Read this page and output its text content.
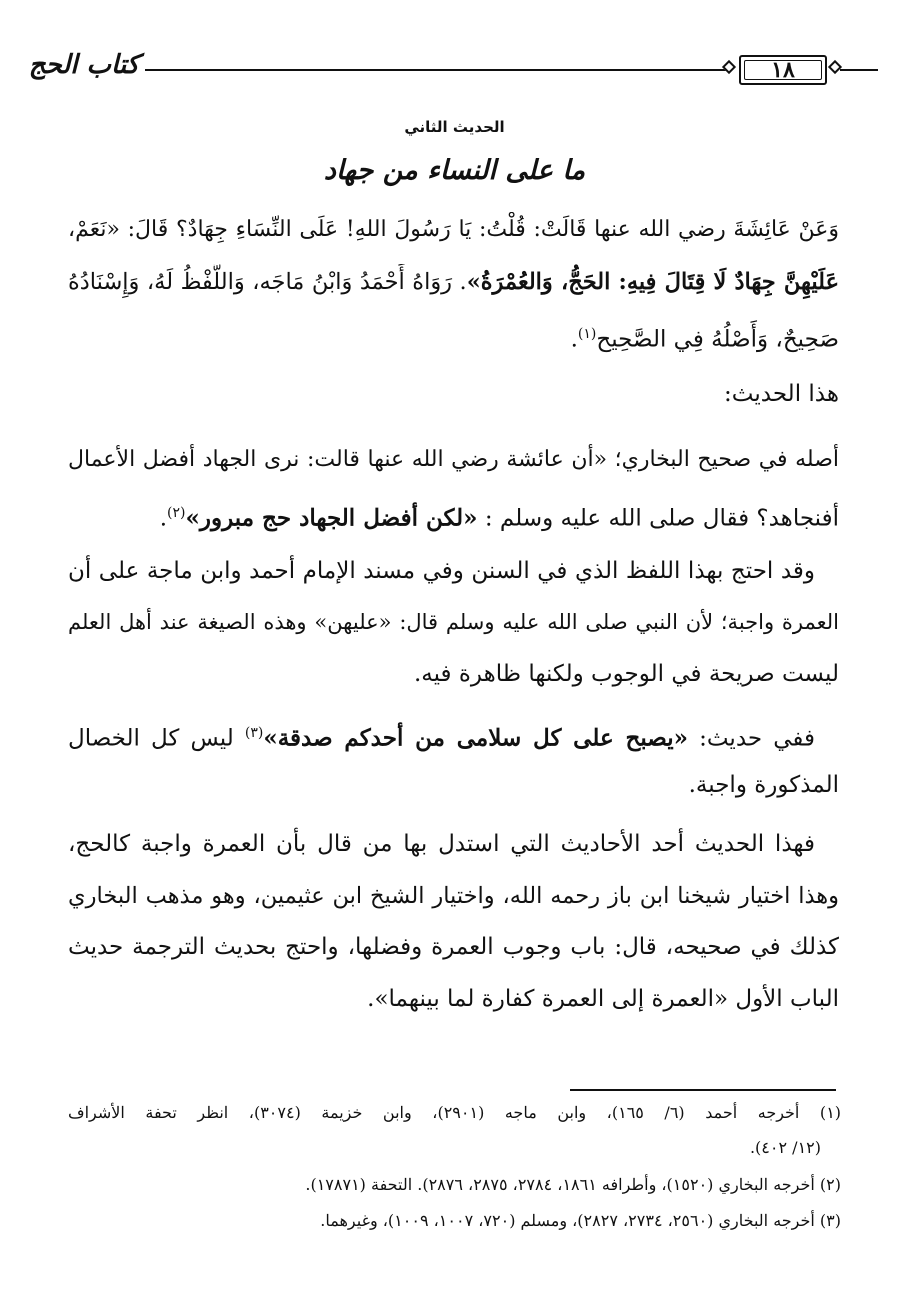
كتاب الحج	١٨
الحديث الثاني
ما على النساء من جهاد
وَعَنْ عَائِشَةَ رضي الله عنها قَالَتْ: قُلْتُ: يَا رَسُولَ اللهِ! عَلَى النِّسَاءِ جِهَادٌ؟ قَالَ: «نَعَمْ،
عَلَيْهِنَّ جِهَادٌ لَا قِتَالَ فِيهِ: الحَجُّ، وَالعُمْرَةُ». رَوَاهُ أَحْمَدُ وَابْنُ مَاجَه، وَاللَّفْظُ لَهُ، وَإِسْنَادُهُ
صَحِيحٌ، وَأَصْلُهُ فِي الصَّحِيحِ$^{(١)}$.
هذا الحديث:
أصله في صحيح البخاري؛ «أن عائشة رضي الله عنها قالت: نرى الجهاد أفضل الأعمال
أفنجاهد؟ فقال صلى الله عليه وسلم : «لكن أفضل الجهاد حج مبرور»$^{(٢)}$.
وقد احتج بهذا اللفظ الذي في السنن وفي مسند الإمام أحمد وابن ماجة على أن
العمرة واجبة؛ لأن النبي صلى الله عليه وسلم قال: «عليهن» وهذه الصيغة عند أهل العلم
ليست صريحة في الوجوب ولكنها ظاهرة فيه.
ففي حديث: «يصبح على كل سلامى من أحدكم صدقة»$^{(٣)}$ ليس كل الخصال
المذكورة واجبة.
فهذا الحديث أحد الأحاديث التي استدل بها من قال بأن العمرة واجبة كالحج،
وهذا اختيار شيخنا ابن باز رحمه الله، واختيار الشيخ ابن عثيمين، وهو مذهب البخاري
كذلك في صحيحه، قال: باب وجوب العمرة وفضلها، واحتج بحديث الترجمة حديث
الباب الأول «العمرة إلى العمرة كفارة لما بينهما».
(١) أخرجه أحمد (٦/ ١٦٥)، وابن ماجه (٢٩٠١)، وابن خزيمة (٣٠٧٤)، انظر تحفة الأشراف
(١٢/ ٤٠٢).
(٢) أخرجه البخاري (١٥٢٠)، وأطرافه ١٨٦١، ٢٧٨٤، ٢٨٧٥، ٢٨٧٦). التحفة (١٧٨٧١).
(٣) أخرجه البخاري (٢٥٦٠، ٢٧٣٤، ٢٨٢٧)، ومسلم (٧٢٠، ١٠٠٧، ١٠٠٩)، وغيرهما.
